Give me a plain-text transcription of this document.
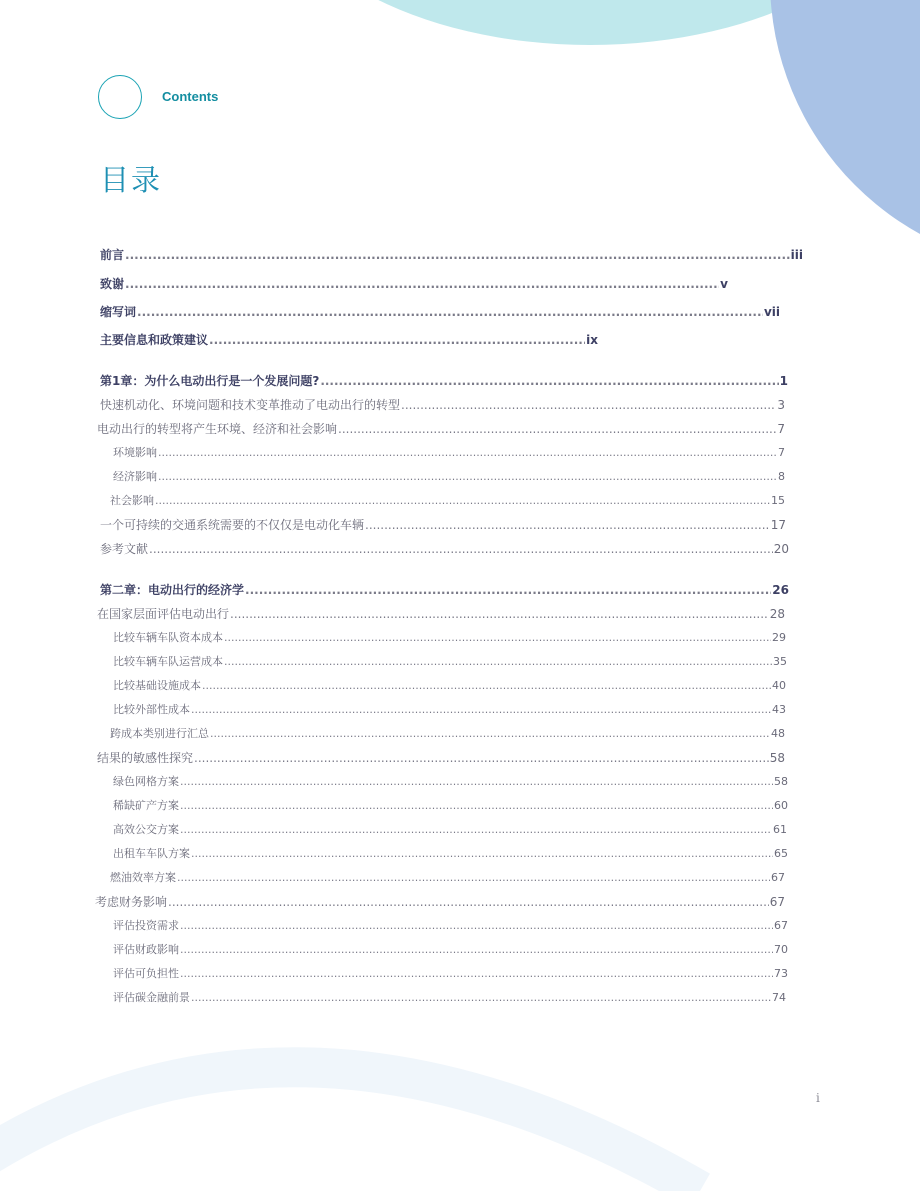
Contents
目录
前言 .....	iii
致谢 .....	v
缩写词 .....	vii
主要信息和政策建议 .....	ix
第1章：为什么电动出行是一个发展问题? .....	1
快速机动化、环境问题和技术变革推动了电动出行的转型 .....	3
电动出行的转型将产生环境、经济和社会影响 .....	7
环境影响 .....	7
经济影响 .....	8
社会影响 .....	15
一个可持续的交通系统需要的不仅仅是电动化车辆 .....	17
参考文献 .....	20
第二章：电动出行的经济学 .....	26
在国家层面评估电动出行 .....	28
比较车辆车队资本成本 .....	29
比较车辆车队运营成本 .....	35
比较基础设施成本 .....	40
比较外部性成本 .....	43
跨成本类别进行汇总 .....	48
结果的敏感性探究 .....	58
绿色网格方案 .....	58
稀缺矿产方案 .....	60
高效公交方案 .....	61
出租车车队方案 .....	65
燃油效率方案 .....	67
考虑财务影响 .....	67
评估投资需求 .....	67
评估财政影响 .....	70
评估可负担性 .....	73
评估碳金融前景 .....	74
i
